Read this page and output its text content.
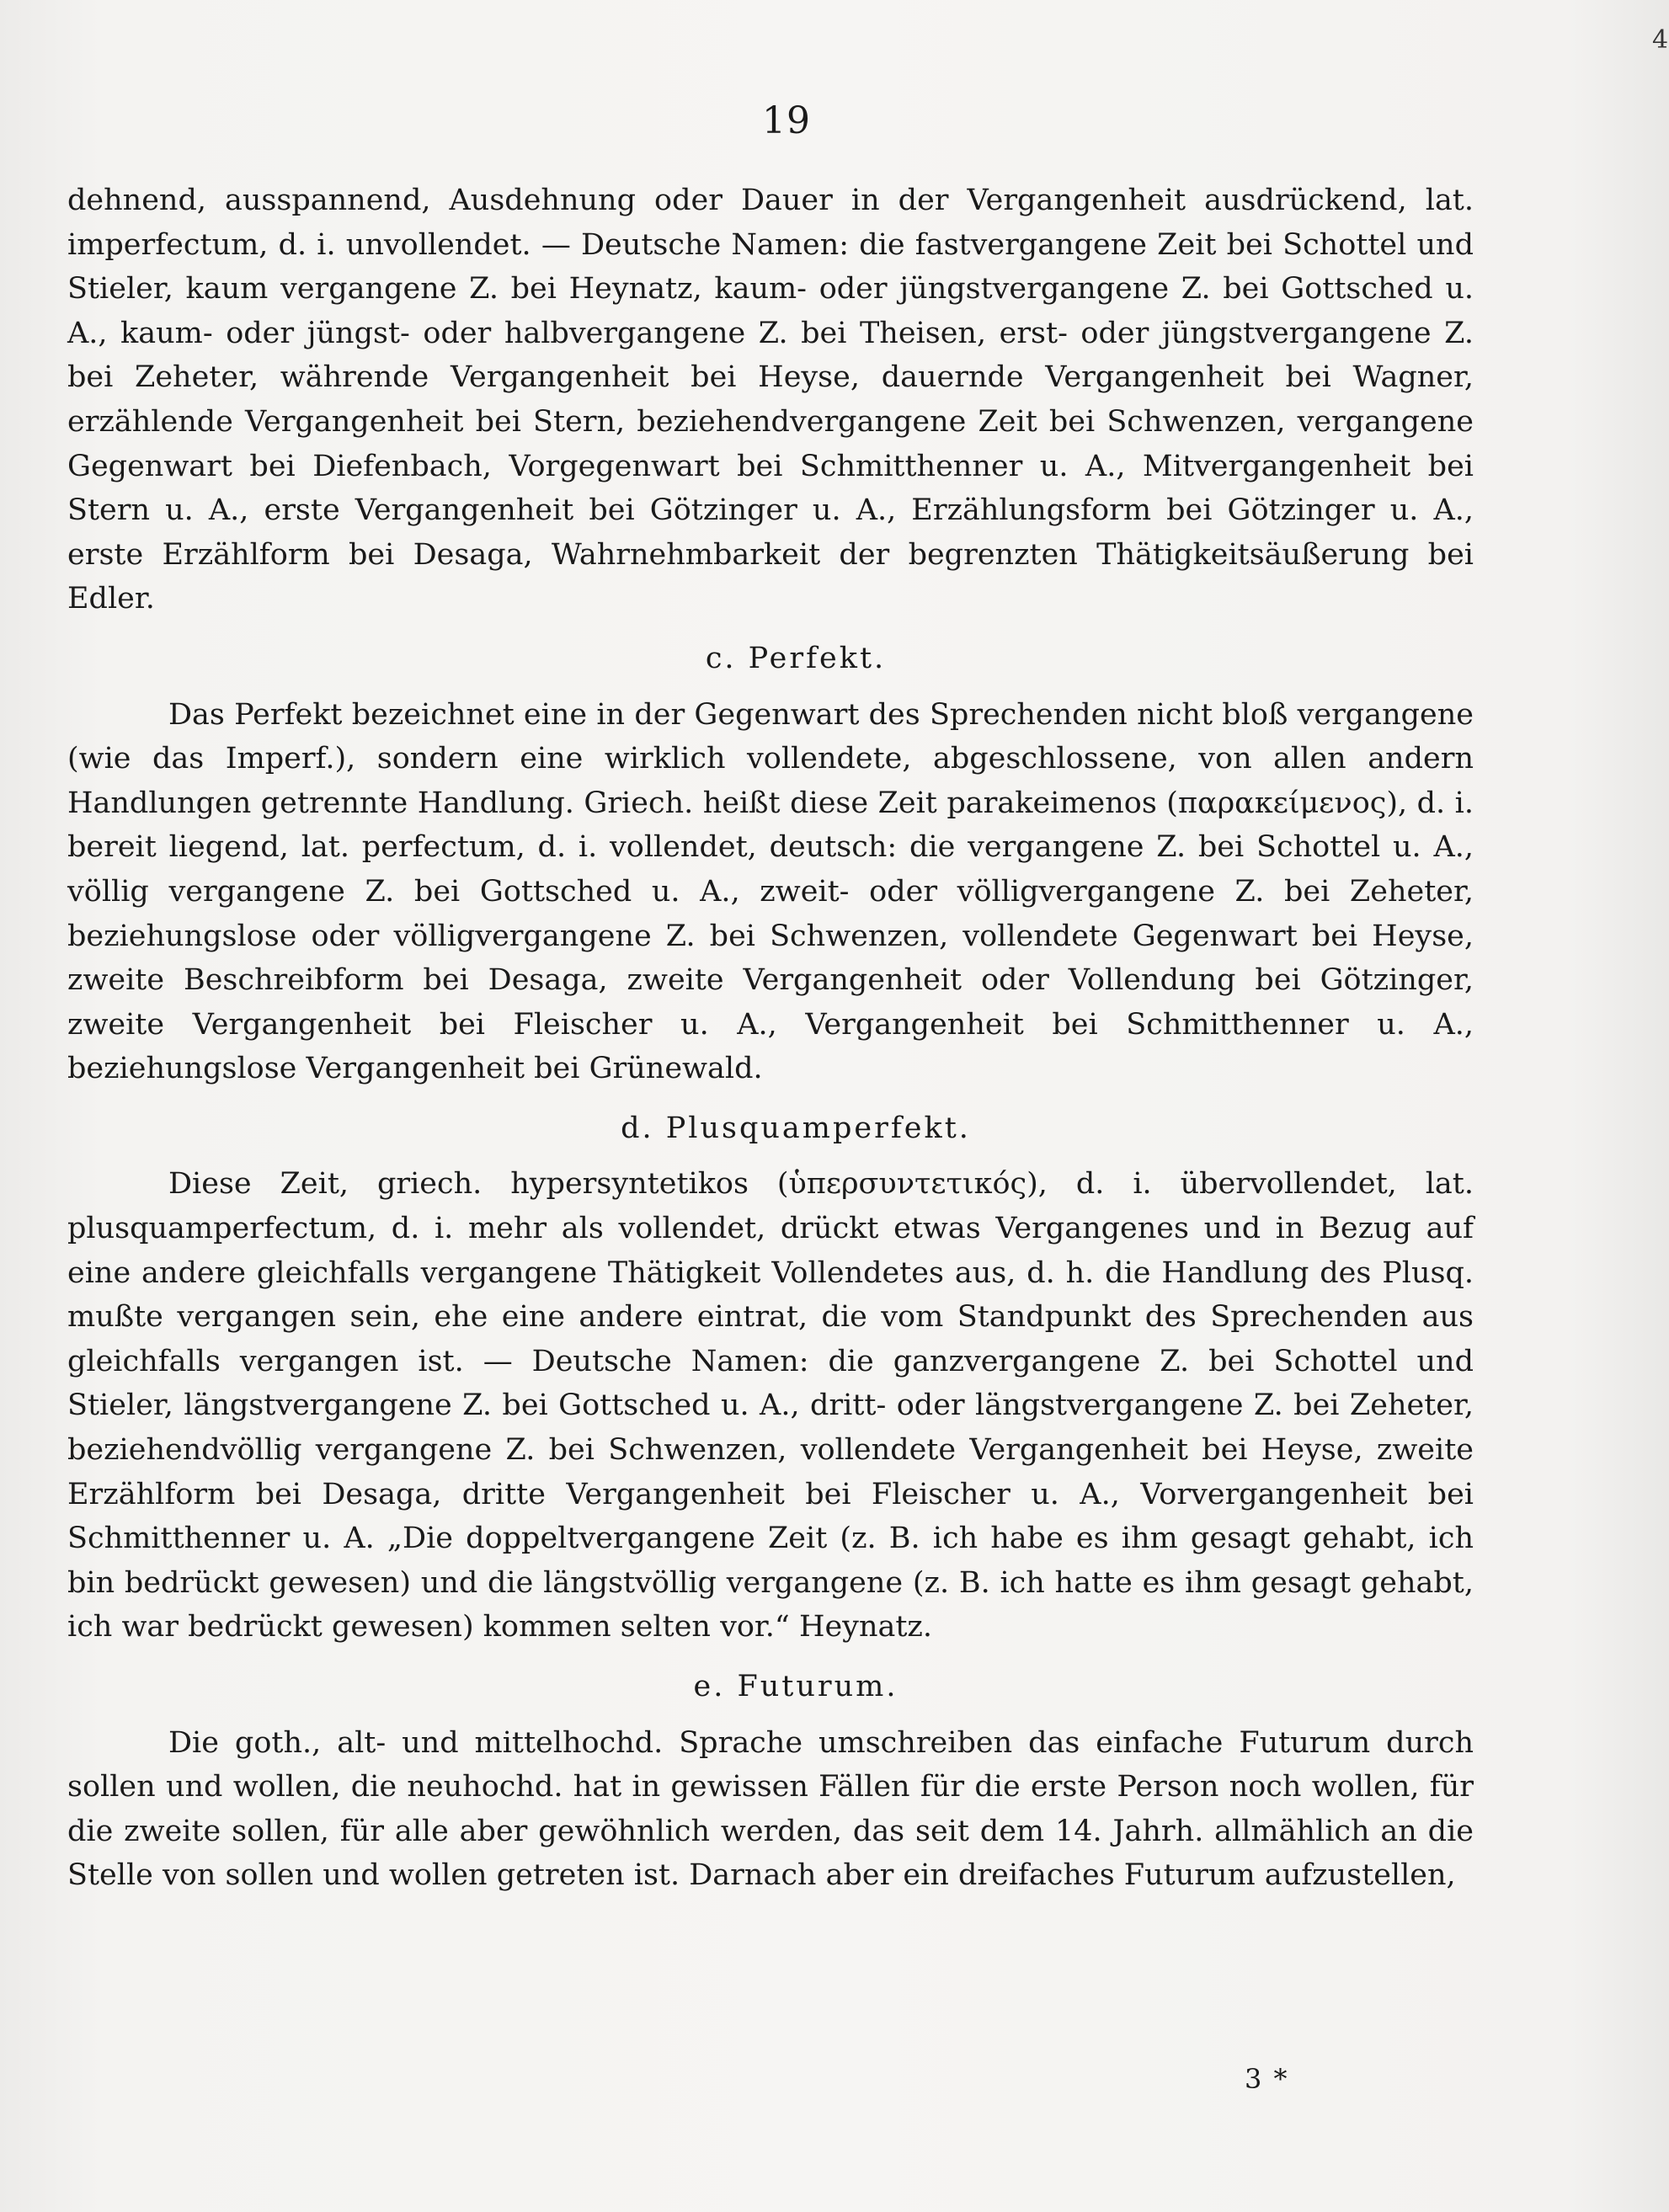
4
19

dehnend, ausspannend, Ausdehnung oder Dauer in der Vergangenheit ausdrückend, lat. imperfectum, d. i. unvollendet. — Deutsche Namen: die fastvergangene Zeit bei Schottel und Stieler, kaum vergangene Z. bei Heynatz, kaum- oder jüngstvergangene Z. bei Gottsched u. A., kaum- oder jüngst- oder halbvergangene Z. bei Theisen, erst- oder jüngstvergangene Z. bei Zeheter, währende Vergangenheit bei Heyse, dauernde Vergangenheit bei Wagner, erzählende Vergangenheit bei Stern, beziehendvergangene Zeit bei Schwenzen, vergangene Gegenwart bei Diefenbach, Vorgegenwart bei Schmitthenner u. A., Mitvergangenheit bei Stern u. A., erste Vergangenheit bei Götzinger u. A., Erzählungsform bei Götzinger u. A., erste Erzählform bei Desaga, Wahrnehmbarkeit der begrenzten Thätigkeitsäußerung bei Edler.

c. Perfekt.

Das Perfekt bezeichnet eine in der Gegenwart des Sprechenden nicht bloß vergangene (wie das Imperf.), sondern eine wirklich vollendete, abgeschlossene, von allen andern Handlungen getrennte Handlung. Griech. heißt diese Zeit parakeimenos (παρακείμενος), d. i. bereit liegend, lat. perfectum, d. i. vollendet, deutsch: die vergangene Z. bei Schottel u. A., völlig vergangene Z. bei Gottsched u. A., zweit- oder völligvergangene Z. bei Zeheter, beziehungslose oder völligvergangene Z. bei Schwenzen, vollendete Gegenwart bei Heyse, zweite Beschreibform bei Desaga, zweite Vergangenheit oder Vollendung bei Götzinger, zweite Vergangenheit bei Fleischer u. A., Vergangenheit bei Schmitthenner u. A., beziehungslose Vergangenheit bei Grünewald.

d. Plusquamperfekt.

Diese Zeit, griech. hypersyntetikos (ὑπερσυντετικός), d. i. übervollendet, lat. plusquamperfectum, d. i. mehr als vollendet, drückt etwas Vergangenes und in Bezug auf eine andere gleichfalls vergangene Thätigkeit Vollendetes aus, d. h. die Handlung des Plusq. mußte vergangen sein, ehe eine andere eintrat, die vom Standpunkt des Sprechenden aus gleichfalls vergangen ist. — Deutsche Namen: die ganzvergangene Z. bei Schottel und Stieler, längstvergangene Z. bei Gottsched u. A., dritt- oder längstvergangene Z. bei Zeheter, beziehendvöllig vergangene Z. bei Schwenzen, vollendete Vergangenheit bei Heyse, zweite Erzählform bei Desaga, dritte Vergangenheit bei Fleischer u. A., Vorvergangenheit bei Schmitthenner u. A. „Die doppeltvergangene Zeit (z. B. ich habe es ihm gesagt gehabt, ich bin bedrückt gewesen) und die längstvöllig vergangene (z. B. ich hatte es ihm gesagt gehabt, ich war bedrückt gewesen) kommen selten vor.“ Heynatz.

e. Futurum.

Die goth., alt- und mittelhochd. Sprache umschreiben das einfache Futurum durch sollen und wollen, die neuhochd. hat in gewissen Fällen für die erste Person noch wollen, für die zweite sollen, für alle aber gewöhnlich werden, das seit dem 14. Jahrh. allmählich an die Stelle von sollen und wollen getreten ist. Darnach aber ein dreifaches Futurum aufzustellen,

3 *
